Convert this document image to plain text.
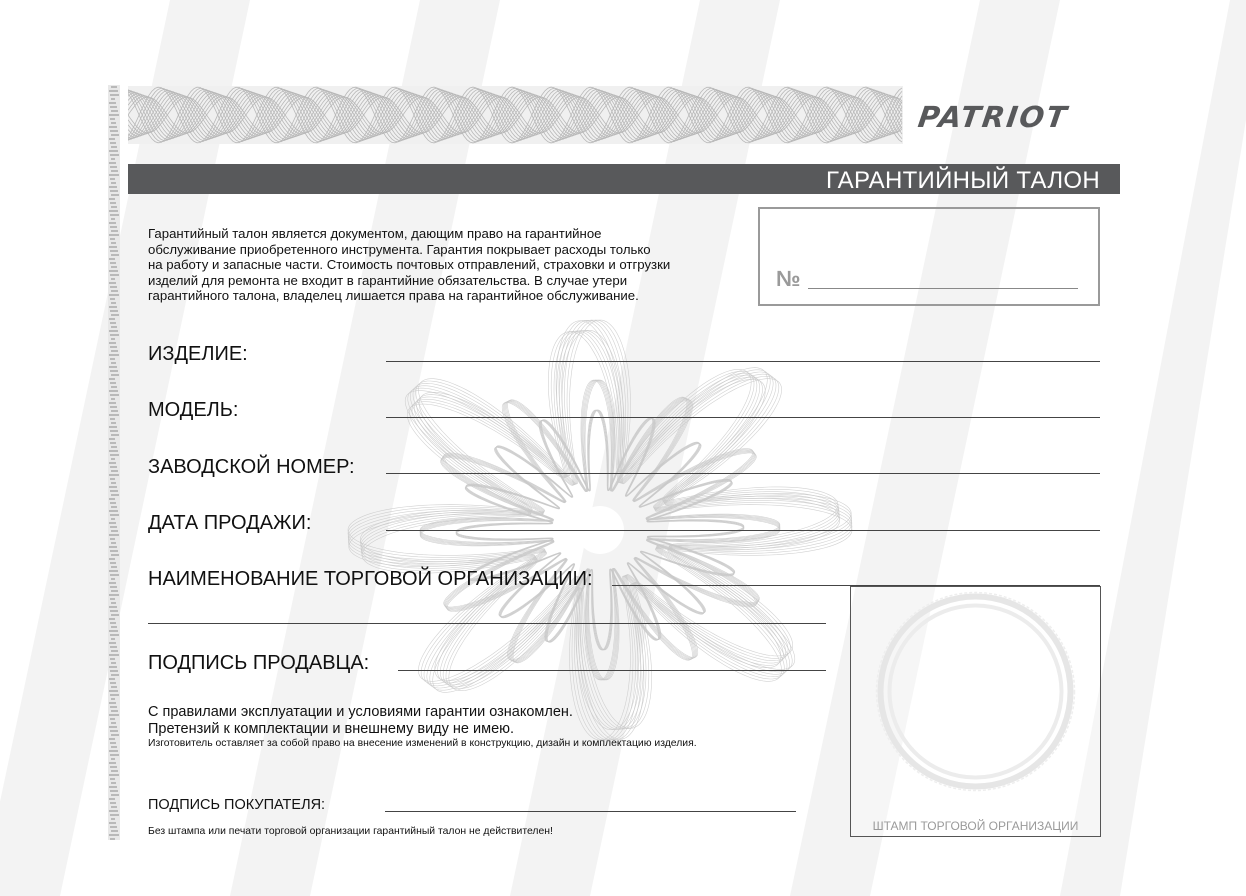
PATRIOT
ГАРАНТИЙНЫЙ ТАЛОН
Гарантийный талон является документом, дающим право на гарантийное
обслуживание приобретенного инструмента. Гарантия покрывает расходы только
на работу и запасные части. Стоимость почтовых отправлений, страховки и отгрузки
изделий для ремонта не входит в гарантийние обязательства. В случае утери
гарантийного талона, владелец лишается права на гарантийное обслуживание.
№
ИЗДЕЛИЕ:
МОДЕЛЬ:
ЗАВОДСКОЙ НОМЕР:
ДАТА ПРОДАЖИ:
НАИМЕНОВАНИЕ ТОРГОВОЙ ОРГАНИЗАЦИИ:
ПОДПИСЬ ПРОДАВЦА:
ШТАМП ТОРГОВОЙ ОРГАНИЗАЦИИ
С правилами эксплуатации и условиями гарантии ознакомлен.
Претензий к комплектации и внешнему виду не имею.
Изготовитель оставляет за собой право на внесение изменений в конструкцию, дизайн и комплектацию изделия.
ПОДПИСЬ ПОКУПАТЕЛЯ:
Без штампа или печати торговой организации гарантийный талон не действителен!
